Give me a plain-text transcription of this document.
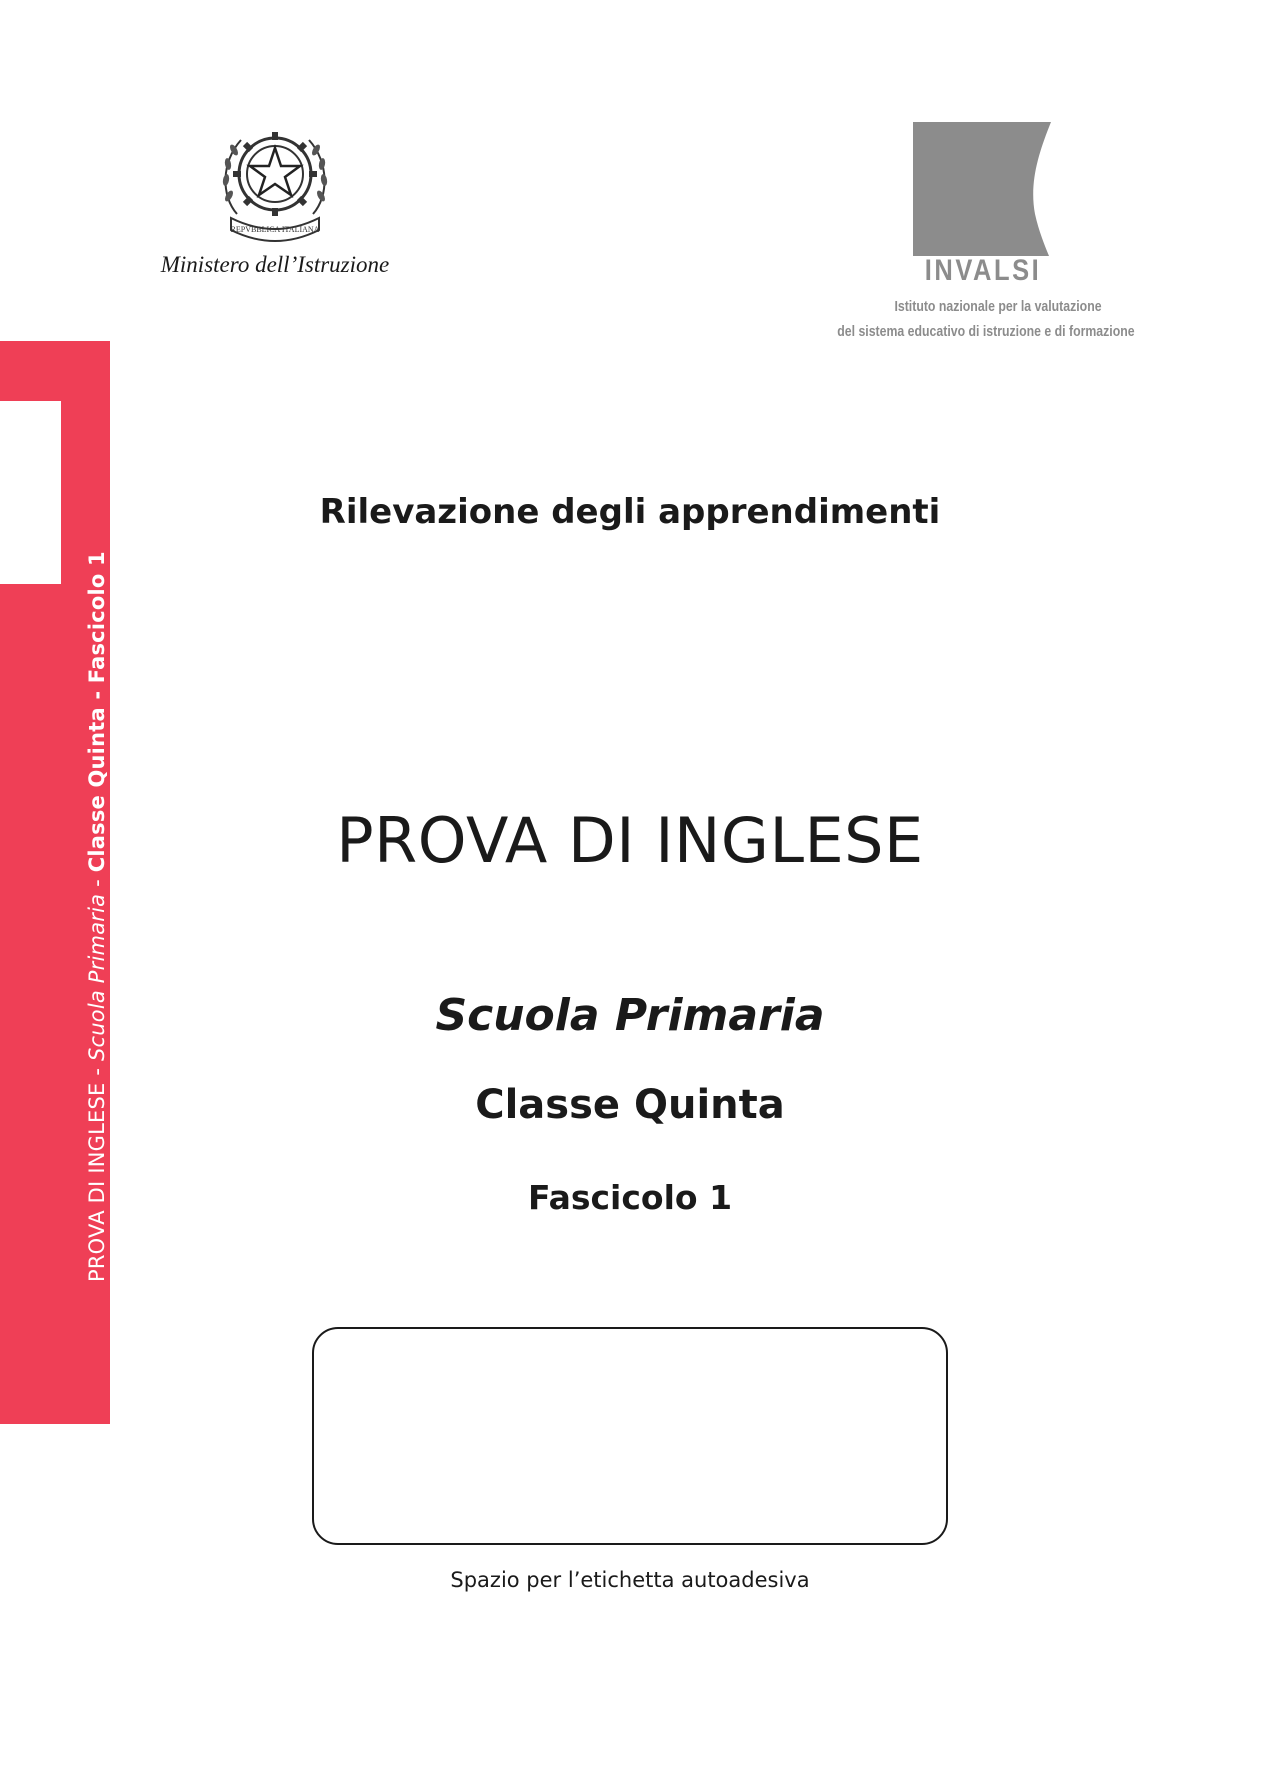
REPVBBLICA ITALIANA
Ministero dell’Istruzione	INVALSI
Istituto nazionale per la valutazione
del sistema educativo di istruzione e di formazione
PROVA DI INGLESE - Scuola Primaria - Classe Quinta - Fascicolo 1
Rilevazione degli apprendimenti
PROVA DI INGLESE
Scuola Primaria
Classe Quinta
Fascicolo 1
Spazio per l’etichetta autoadesiva
